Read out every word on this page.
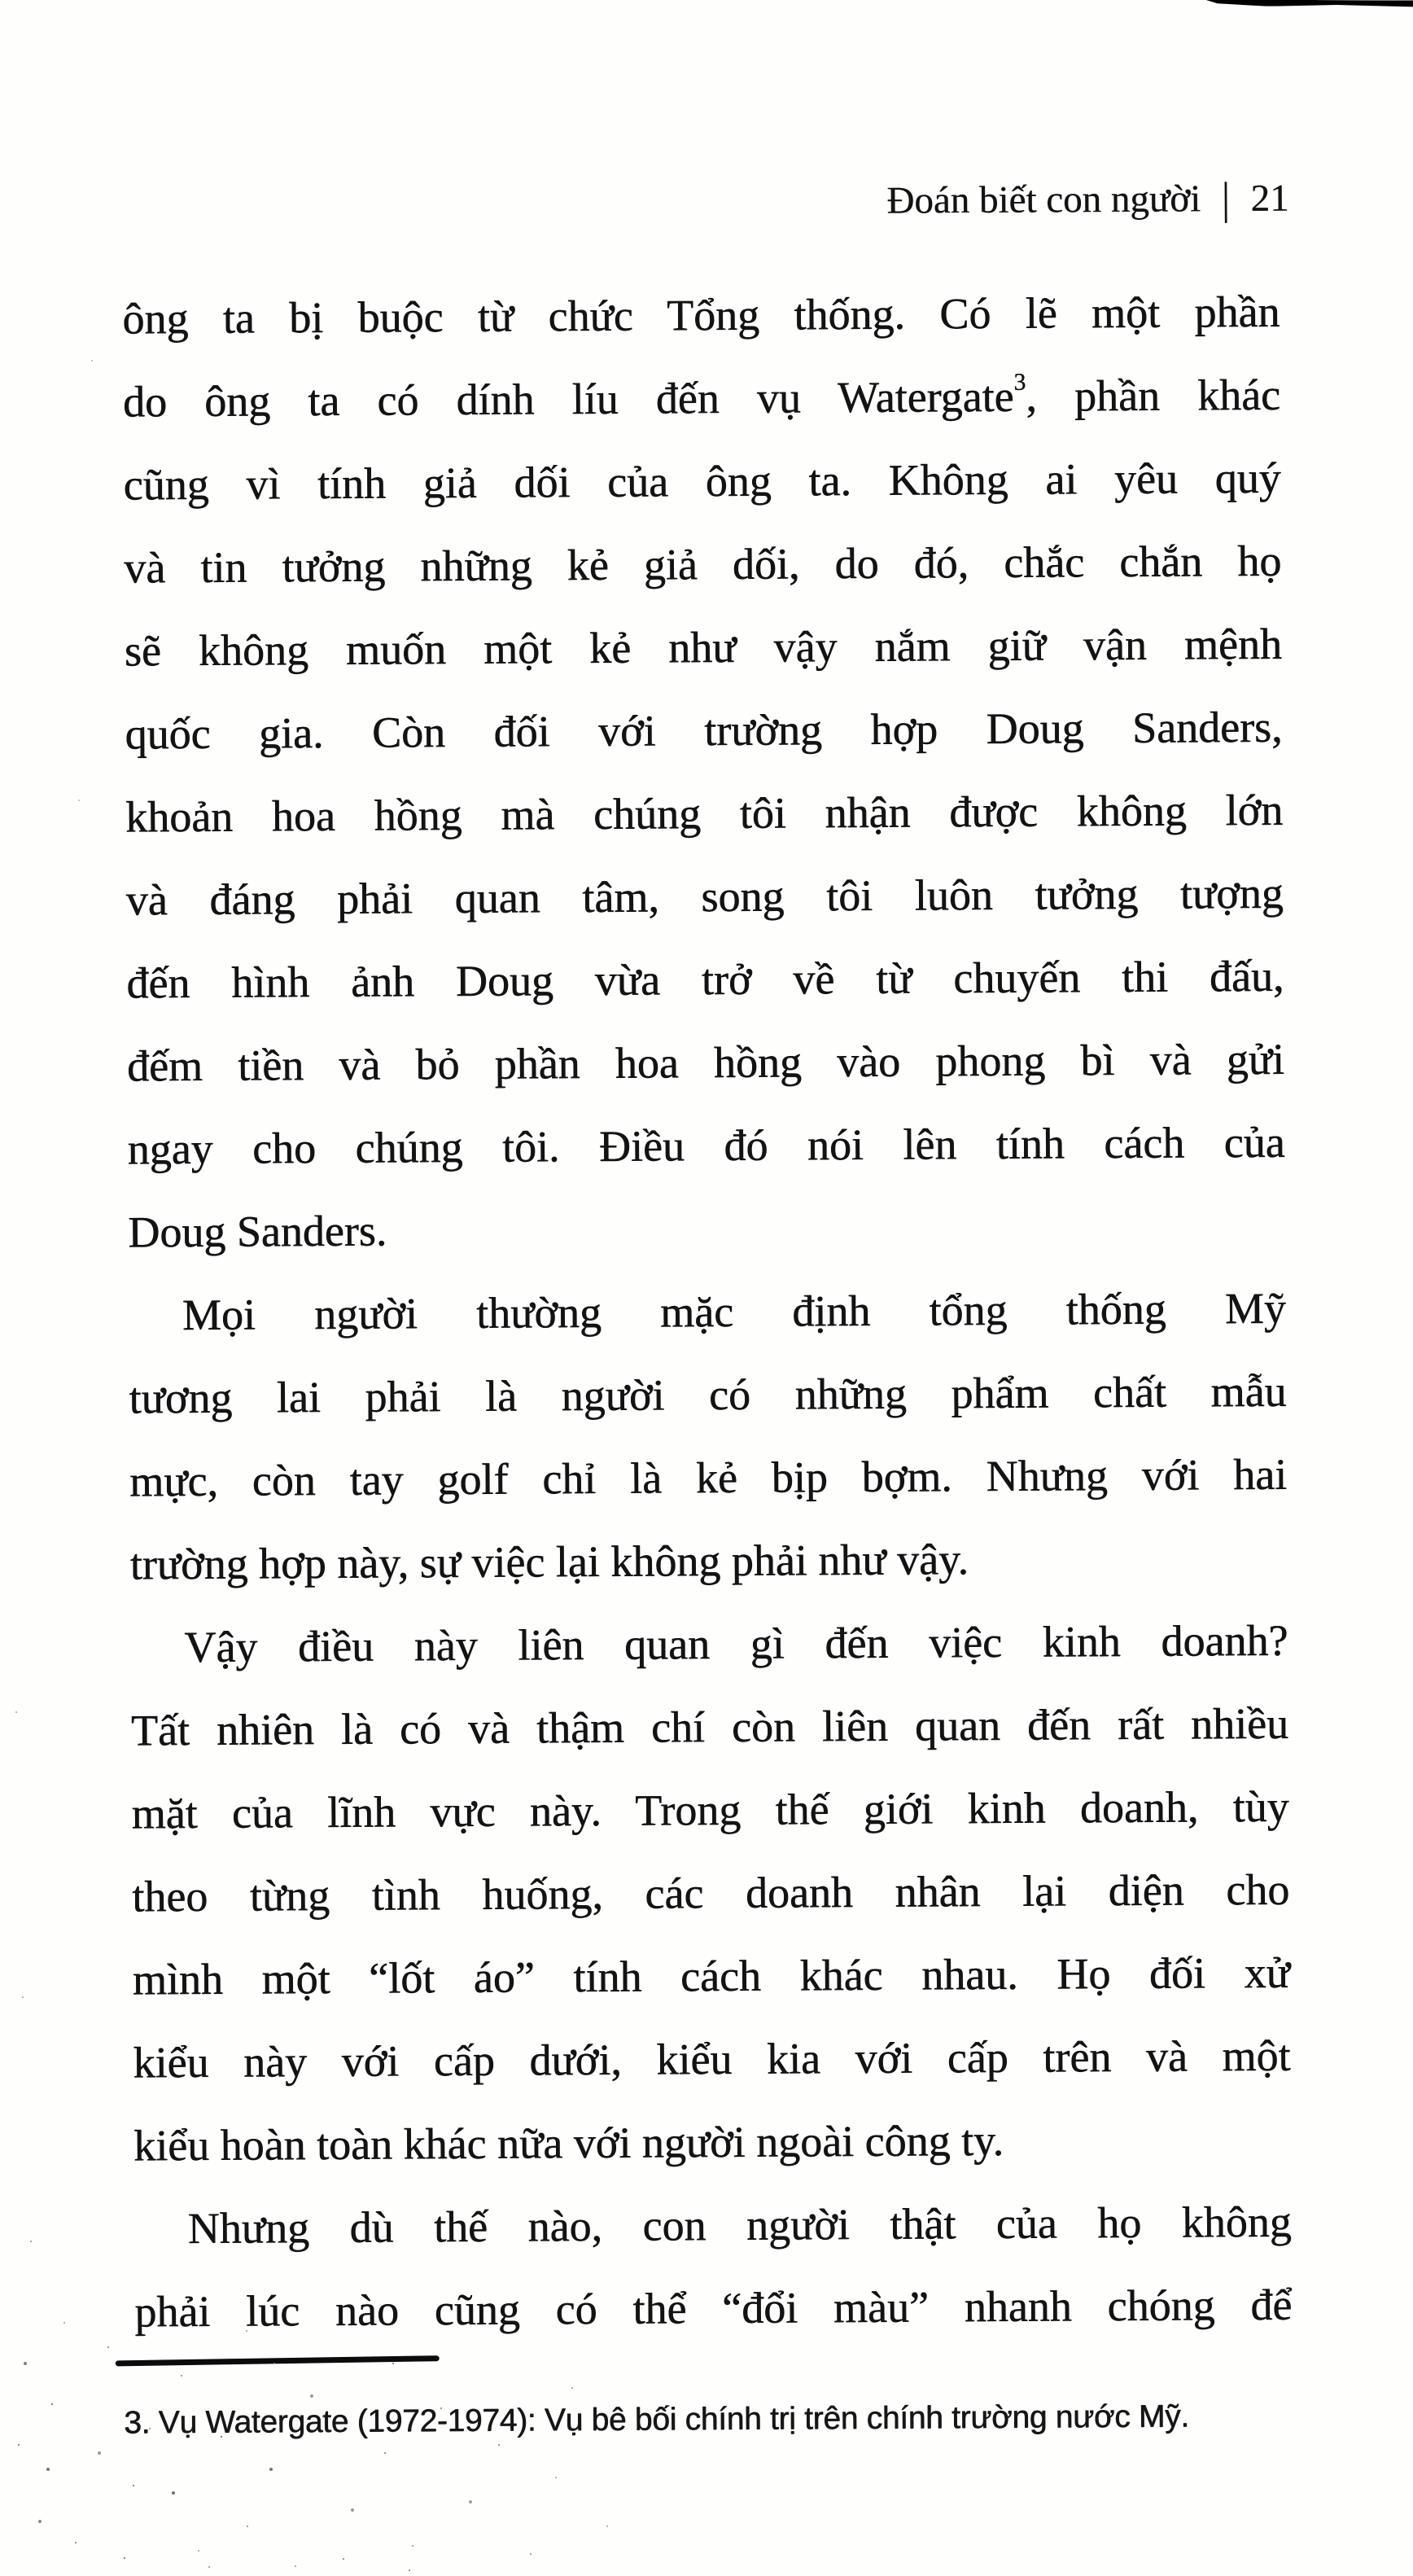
Đoán biết con người | 21
ông ta bị buộc từ chức Tổng thống. Có lẽ một phần
do ông ta có dính líu đến vụ Watergate$^3$, phần khác
cũng vì tính giả dối của ông ta. Không ai yêu quý
và tin tưởng những kẻ giả dối, do đó, chắc chắn họ
sẽ không muốn một kẻ như vậy nắm giữ vận mệnh
quốc gia. Còn đối với trường hợp Doug Sanders,
khoản hoa hồng mà chúng tôi nhận được không lớn
và đáng phải quan tâm, song tôi luôn tưởng tượng
đến hình ảnh Doug vừa trở về từ chuyến thi đấu,
đếm tiền và bỏ phần hoa hồng vào phong bì và gửi
ngay cho chúng tôi. Điều đó nói lên tính cách của
Doug Sanders.
Mọi người thường mặc định tổng thống Mỹ
tương lai phải là người có những phẩm chất mẫu
mực, còn tay golf chỉ là kẻ bịp bợm. Nhưng với hai
trường hợp này, sự việc lại không phải như vậy.
Vậy điều này liên quan gì đến việc kinh doanh?
Tất nhiên là có và thậm chí còn liên quan đến rất nhiều
mặt của lĩnh vực này. Trong thế giới kinh doanh, tùy
theo từng tình huống, các doanh nhân lại diện cho
mình một “lốt áo” tính cách khác nhau. Họ đối xử
kiểu này với cấp dưới, kiểu kia với cấp trên và một
kiểu hoàn toàn khác nữa với người ngoài công ty.
Nhưng dù thế nào, con người thật của họ không
phải lúc nào cũng có thể “đổi màu” nhanh chóng để
3. Vụ Watergate (1972-1974): Vụ bê bối chính trị trên chính trường nước Mỹ.
